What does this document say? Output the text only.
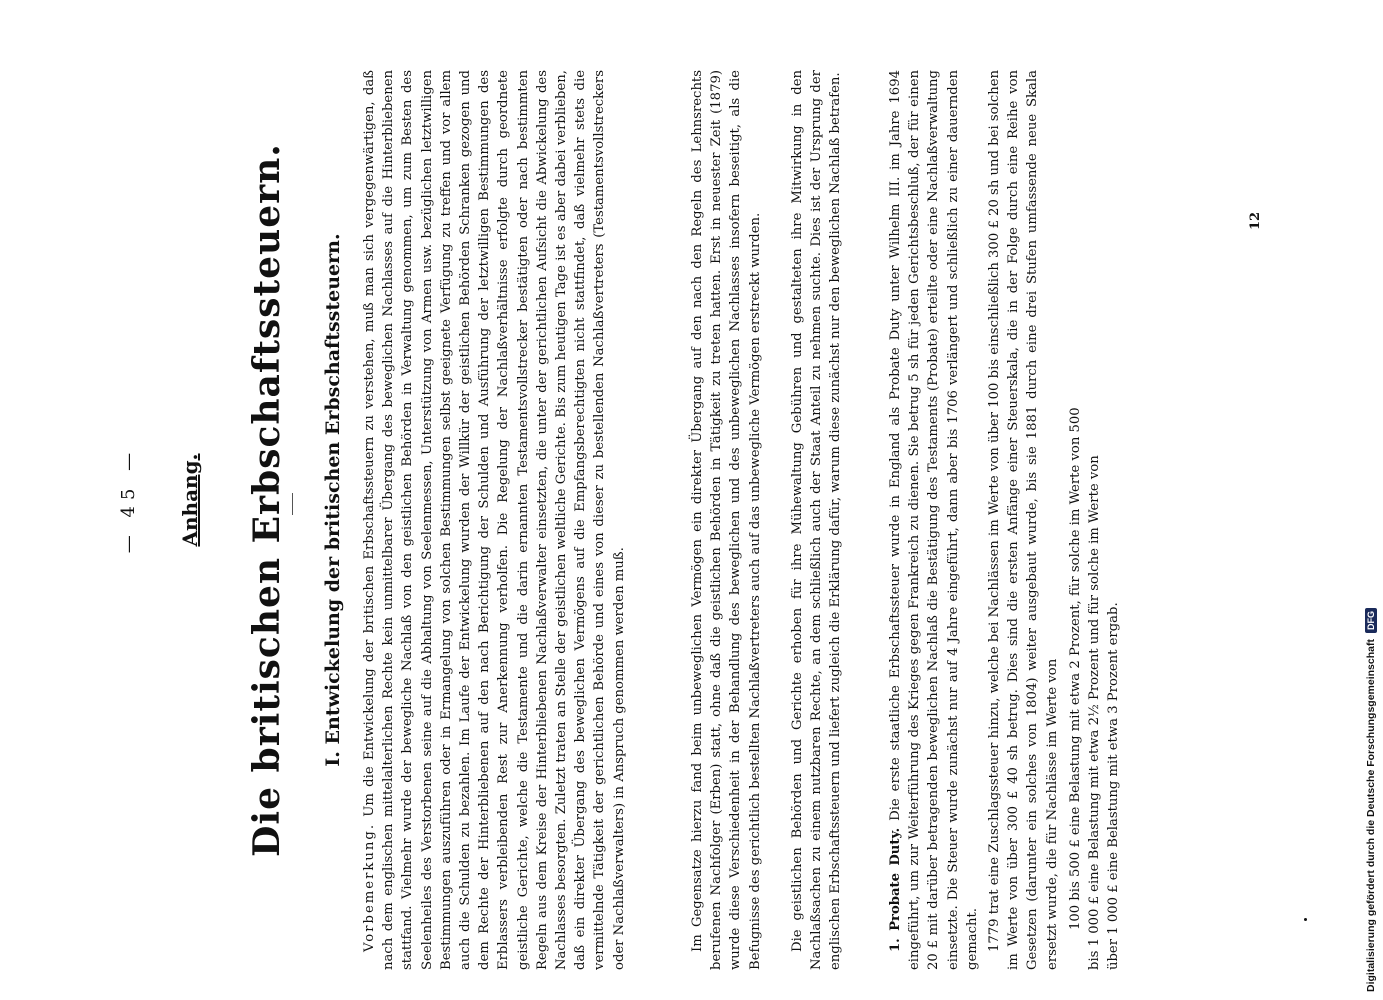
— 45 — Anhang. Die britischen Erbschaftssteuern. I. Entwickelung der britischen Erbschaftssteuern.
Vorbemerkung. Um die Entwickelung der britischen Erbschaftssteuern zu verstehen, muß man sich vergegenwärtigen, daß nach dem englischen mittelalterlichen Rechte kein unmittelbarer Übergang des beweglichen Nachlasses auf die Hinterbliebenen stattfand. Vielmehr wurde der bewegliche Nachlaß von den geistlichen Behörden in Verwaltung genommen, um zum Besten des Seelenheiles des Verstorbenen seine auf die Abhaltung von Seelenmessen, Unterstützung von Armen usw. bezüglichen letztwilligen Bestimmungen auszuführen oder in Ermangelung von solchen Bestimmungen selbst geeignete Verfügung zu treffen und vor allem auch die Schulden zu bezahlen. Im Laufe der Entwickelung wurden der Willkür der geistlichen Behörden Schranken gezogen und dem Rechte der Hinterbliebenen auf den nach Berichtigung der Schulden und Ausführung der letztwilligen Bestimmungen des Erblassers verbleibenden Rest zur Anerkennung verholfen. Die Regelung der Nachlaßverhältnisse erfolgte durch geordnete geistliche Gerichte, welche die Testamente und die darin ernannten Testamentsvollstrecker bestätigten oder nach bestimmten Regeln aus dem Kreise der Hinterbliebenen Nachlaßverwalter einsetzten, die unter der gerichtlichen Aufsicht die Abwickelung des Nachlasses besorgten. Zuletzt traten an Stelle der geistlichen weltliche Gerichte. Bis zum heutigen Tage ist es aber dabei verblieben, daß ein direkter Übergang des beweglichen Vermögens auf die Empfangsberechtigten nicht stattfindet, daß vielmehr stets die vermittelnde Tätigkeit der gerichtlichen Behörde und eines von dieser zu bestellenden Nachlaßvertreters (Testamentsvollstreckers oder Nachlaßverwalters) in Anspruch genommen werden muß.	Im Gegensatze hierzu fand beim unbeweglichen Vermögen ein direkter Übergang auf den nach den Regeln des Lehnsrechts berufenen Nachfolger (Erben) statt, ohne daß die geistlichen Behörden in Tätigkeit zu treten hatten. Erst in neuester Zeit (1879) wurde diese Verschiedenheit in der Behandlung des beweglichen und des unbeweglichen Nachlasses insofern beseitigt, als die Befugnisse des gerichtlich bestellten Nachlaßvertreters auch auf das unbewegliche Vermögen erstreckt wurden. Die geistlichen Behörden und Gerichte erhoben für ihre Mühewaltung Gebühren und gestalteten ihre Mitwirkung in den Nachlaßsachen zu einem nutzbaren Rechte, an dem schließlich auch der Staat Anteil zu nehmen suchte. Dies ist der Ursprung der englischen Erbschaftssteuern und liefert zugleich die Erklärung dafür, warum diese zunächst nur den beweglichen Nachlaß betrafen.	1. Probate Duty. Die erste staatliche Erbschaftssteuer wurde in England als Probate Duty unter Wilhelm III. im Jahre 1694 eingeführt, um zur Weiterführung des Krieges gegen Frankreich zu dienen. Sie betrug 5 sh für jeden Gerichtsbeschluß, der für einen 20 £ mit darüber betragenden beweglichen Nachlaß die Bestätigung des Testaments (Probate) erteilte oder eine Nachlaßverwaltung einsetzte. Die Steuer wurde zunächst nur auf 4 Jahre eingeführt, dann aber bis 1706 verlängert und schließlich zu einer dauernden gemacht. 1779 trat eine Zuschlagssteuer hinzu, welche bei Nachlässen im Werte von über 100 bis einschließlich 300 £ 20 sh und bei solchen im Werte von über 300 £ 40 sh betrug. Dies sind die ersten Anfänge einer Steuerskala, die in der Folge durch eine Reihe von Gesetzen (darunter ein solches von 1804) weiter ausgebaut wurde, bis sie 1881 durch eine drei Stufen umfassende neue Skala ersetzt wurde, die für Nachlässe im Werte von 100 bis 500 £ eine Belastung mit etwa 2 Prozent, für solche im Werte von 500 bis 1 000 £ eine Belastung mit etwa 2½ Prozent und für solche im Werte von über 1 000 £ eine Belastung mit etwa 3 Prozent ergab.
12
Digitalisierung gefördert durch die Deutsche Forschungsgemeinschaft
DFG
